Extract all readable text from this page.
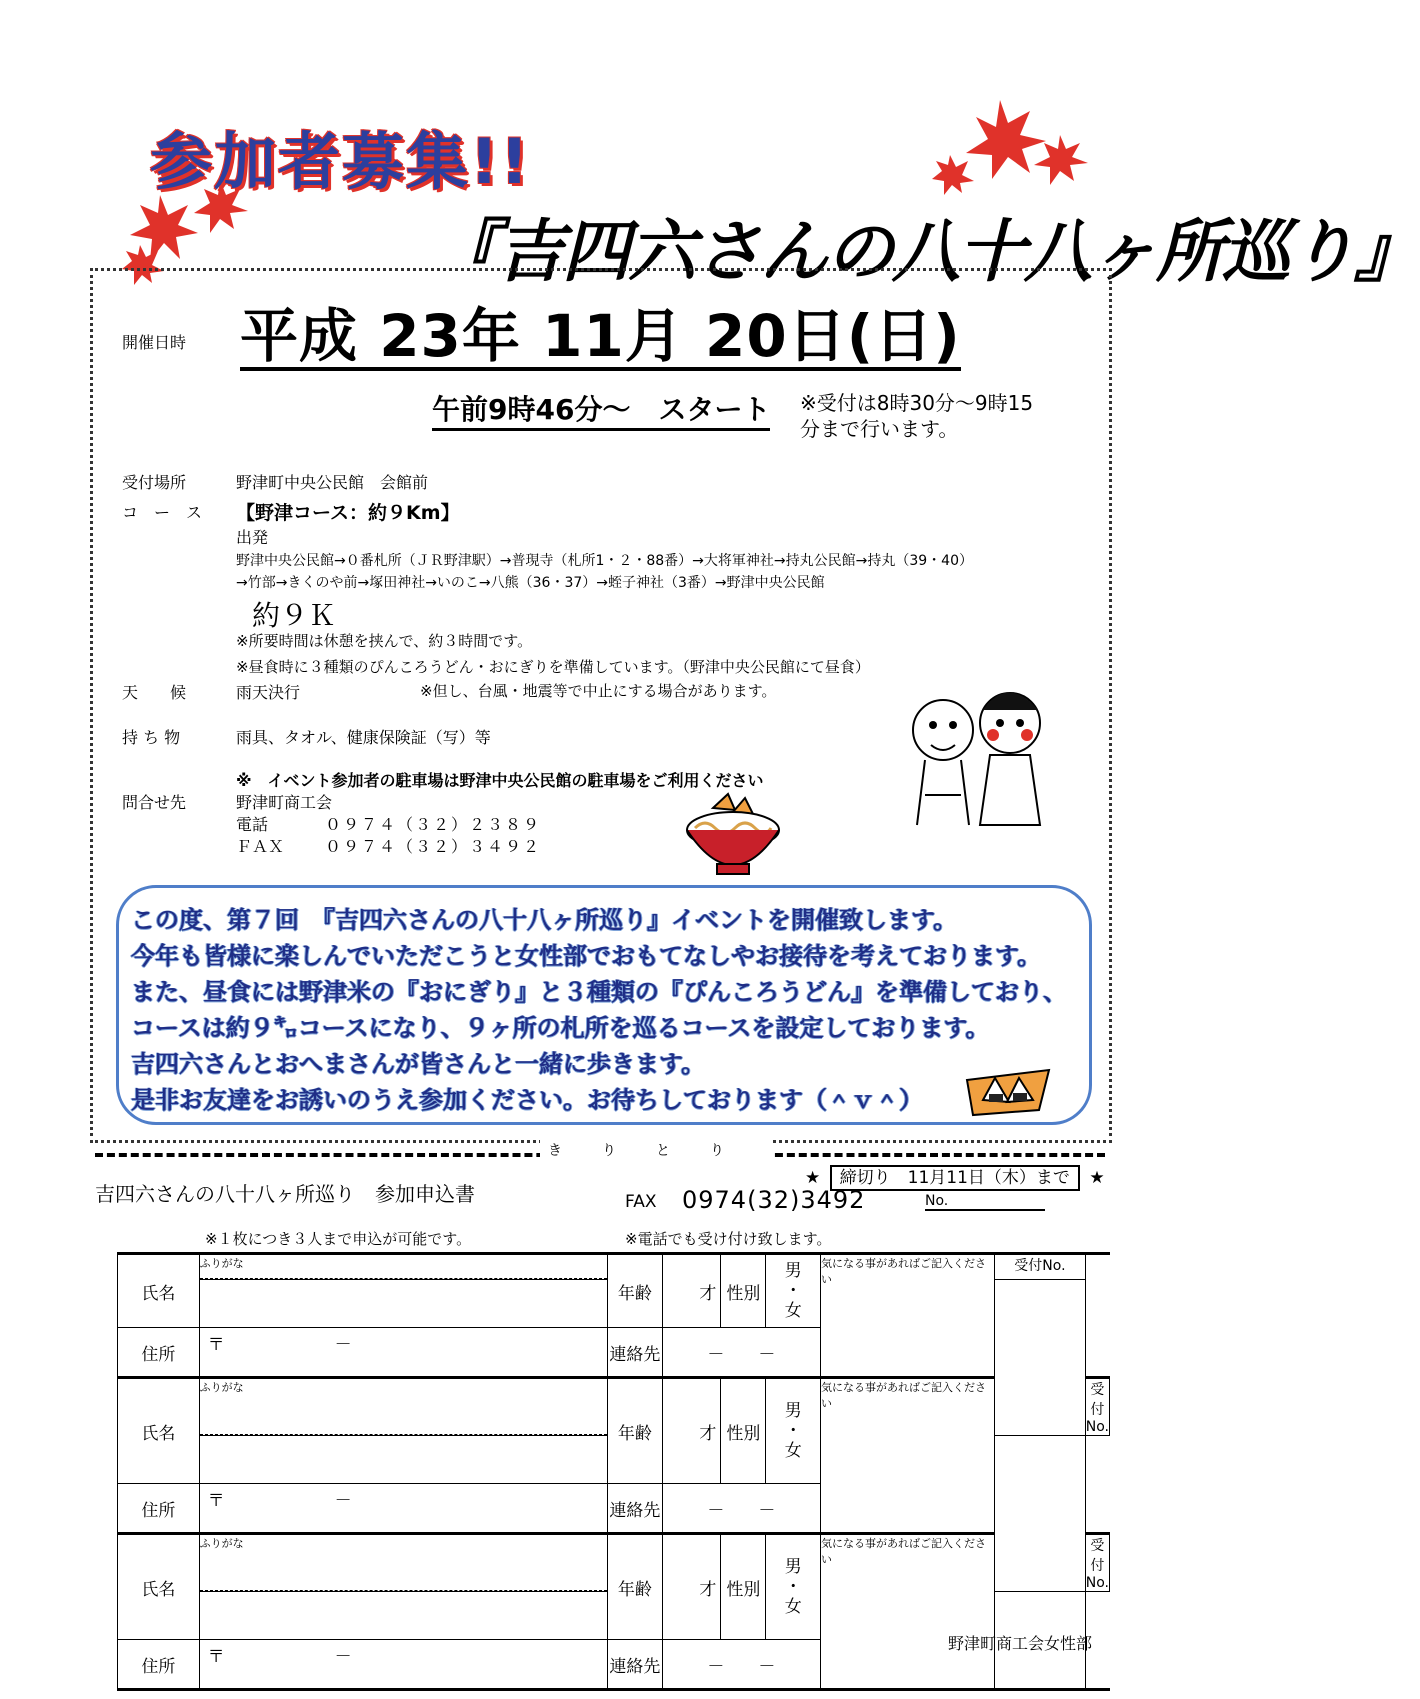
参加者募集!!
『吉四六さんの八十八ヶ所巡り』
開催日時 平成 23年 11月 20日(日)
午前9時46分～　スタート ※受付は8時30分～9時15
分まで行います。
受付場所	野津町中央公民館　会館前
コ　ー　ス 【野津コース：約９Km】
出発
野津中央公民館→０番札所（ＪＲ野津駅）→普現寺（札所1・２・88番）→大将軍神社→持丸公民館→持丸（39・40）
→竹部→きくのや前→塚田神社→いのこ→八熊（36・37）→蛭子神社（3番）→野津中央公民館
約９Ｋ
※所要時間は休憩を挟んで、約３時間です。
※昼食時に３種類のぴんころうどん・おにぎりを準備しています。（野津中央公民館にて昼食）
天　　候	雨天決行	※但し、台風・地震等で中止にする場合があります。
持 ち 物	雨具、タオル、健康保険証（写）等
※　イベント参加者の駐車場は野津中央公民館の駐車場をご利用ください
問合せ先	野津町商工会
電話	０９７４（３２）２３８９
ＦＡＸ	０９７４（３２）３４９２
この度、第７回　『吉四六さんの八十八ヶ所巡り』イベントを開催致します。
今年も皆様に楽しんでいただこうと女性部でおもてなしやお接待を考えております。
また、昼食には野津米の『おにぎり』と３種類の『ぴんころうどん』を準備しており、
コースは約９㌔コースになり、９ヶ所の札所を巡るコースを設定しております。
吉四六さんとおへまさんが皆さんと一緒に歩きます。
是非お友達をお誘いのうえ参加ください。お待ちしております（＾ｖ＾）
きりとり
★ 締切り　 11月11日（木）まで ★
吉四六さんの八十八ヶ所巡り　参加申込書	FAX 0974(32)3492	No.
※１枚につき３人まで申込が可能です。	※電話でも受け付け致します。
氏名	ふりがな	年齢	才	性別	男
・
女	気になる事があればご記入ください	受付No.	

住所	〒 －	連絡先	－　　－					
氏名	ふりがな	年齢	才	性別	男
・
女	気になる事があればご記入ください		受付No.

住所	〒 －	連絡先	－　　－					
氏名	ふりがな	年齢	才	性別	男
・
女	気になる事があればご記入ください		受付No.

住所	〒 －	連絡先	－　　－					
野津町商工会女性部
